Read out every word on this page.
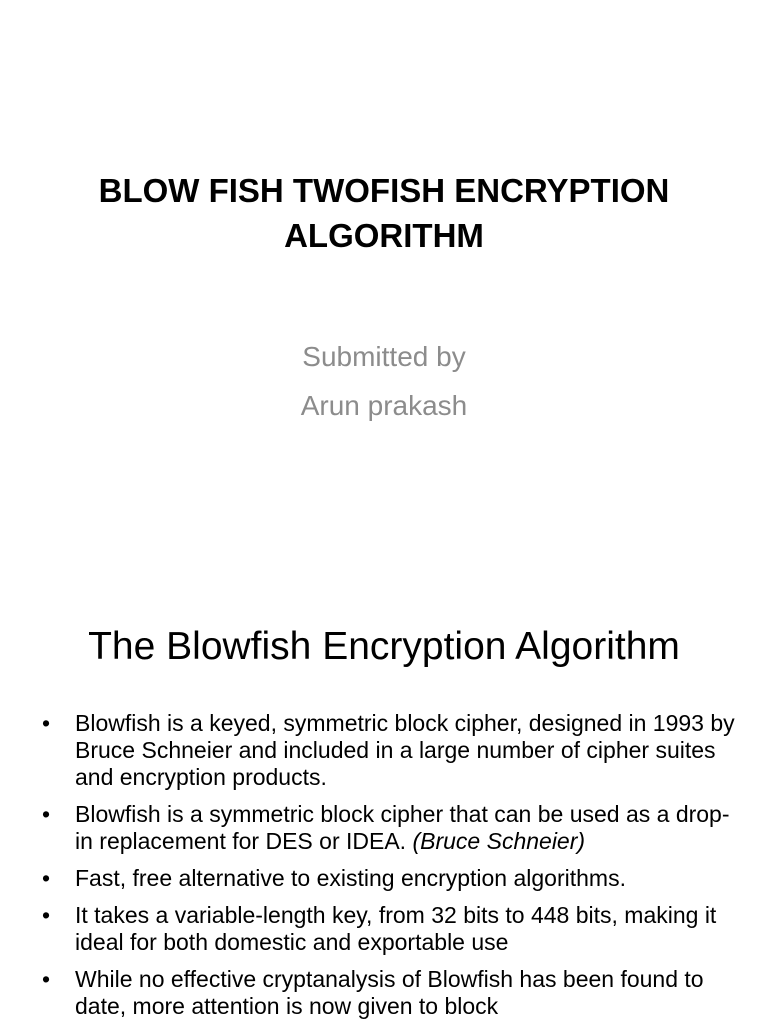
BLOW FISH TWOFISH ENCRYPTION
ALGORITHM
Submitted by
Arun prakash
The Blowfish Encryption Algorithm
•	Blowfish is a keyed, symmetric block cipher, designed in 1993 by Bruce Schneier and included in a large number of cipher suites and encryption products.
•	Blowfish is a symmetric block cipher that can be used as a drop-in replacement for DES or IDEA. (Bruce Schneier)
•	Fast, free alternative to existing encryption algorithms.
•	It takes a variable-length key, from 32 bits to 448 bits, making it ideal for both domestic and exportable use
•	While no effective cryptanalysis of Blowfish has been found to date, more attention is now given to block
